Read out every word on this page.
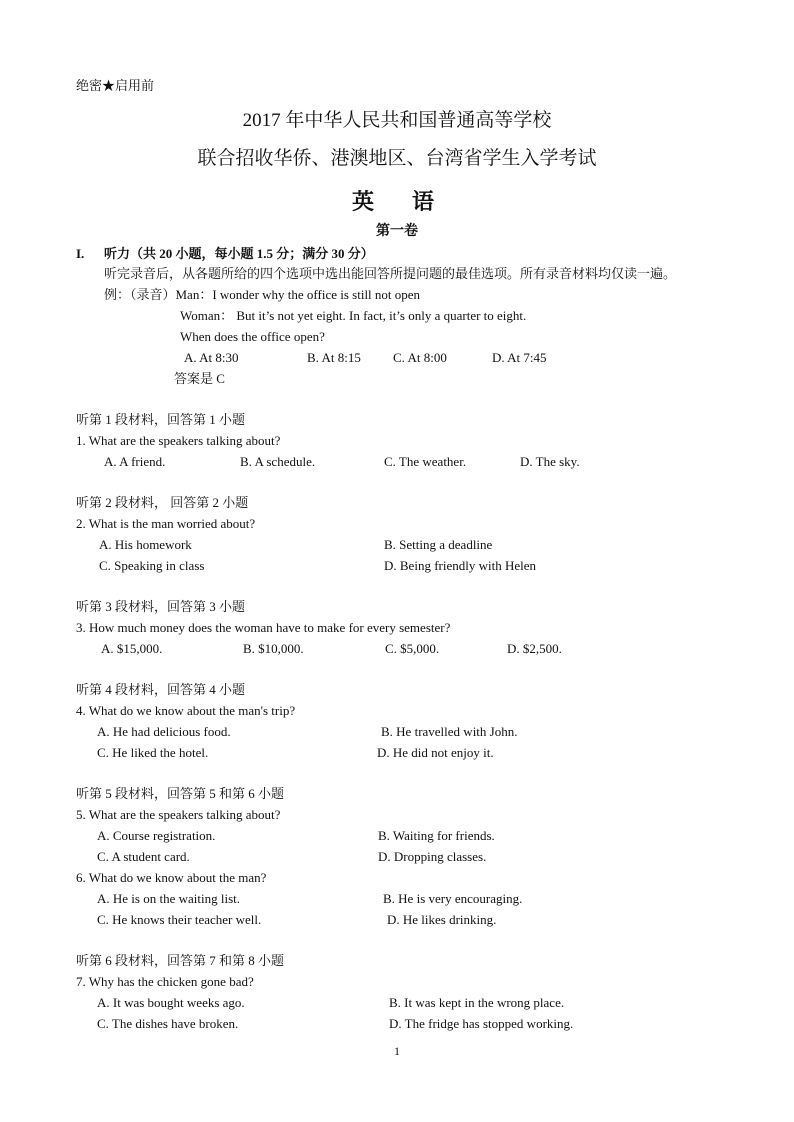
绝密★启用前
2017 年中华人民共和国普通高等学校
联合招收华侨、港澳地区、台湾省学生入学考试
英　语
第一卷
I. 听力（共 20 小题，每小题 1.5 分；满分 30 分）
听完录音后，从各题所给的四个选项中选出能回答所提问题的最佳选项。所有录音材料均仅读一遍。
例：（录音）Man：I wonder why the office is still not open
Woman： But it’s not yet eight. In fact, it’s only a quarter to eight.
When does the office open?
A. At 8:30	B. At 8:15 C. At 8:00	D. At 7:45
答案是 C
听第 1 段材料，回答第 1 小题
1. What are the speakers talking about?
A. A friend.	B. A schedule.	C. The weather.	D. The sky.
听第 2 段材料， 回答第 2 小题
2. What is the man worried about?
A. His homework	B. Setting a deadline
C. Speaking in class	D. Being friendly with Helen
听第 3 段材料，回答第 3 小题
3. How much money does the woman have to make for every semester?
A. $15,000.	B. $10,000.	C. $5,000.	D. $2,500.
听第 4 段材料，回答第 4 小题
4. What do we know about the man's trip?
A. He had delicious food.	B. He travelled with John.
C. He liked the hotel.	D. He did not enjoy it.
听第 5 段材料，回答第 5 和第 6 小题
5. What are the speakers talking about?
A. Course registration.	B. Waiting for friends.
C. A student card.	D. Dropping classes.
6. What do we know about the man?
A. He is on the waiting list.	B. He is very encouraging.
C. He knows their teacher well.	D. He likes drinking.
听第 6 段材料，回答第 7 和第 8 小题
7. Why has the chicken gone bad?
A. It was bought weeks ago.	B. It was kept in the wrong place.
C. The dishes have broken.	D. The fridge has stopped working.
1
